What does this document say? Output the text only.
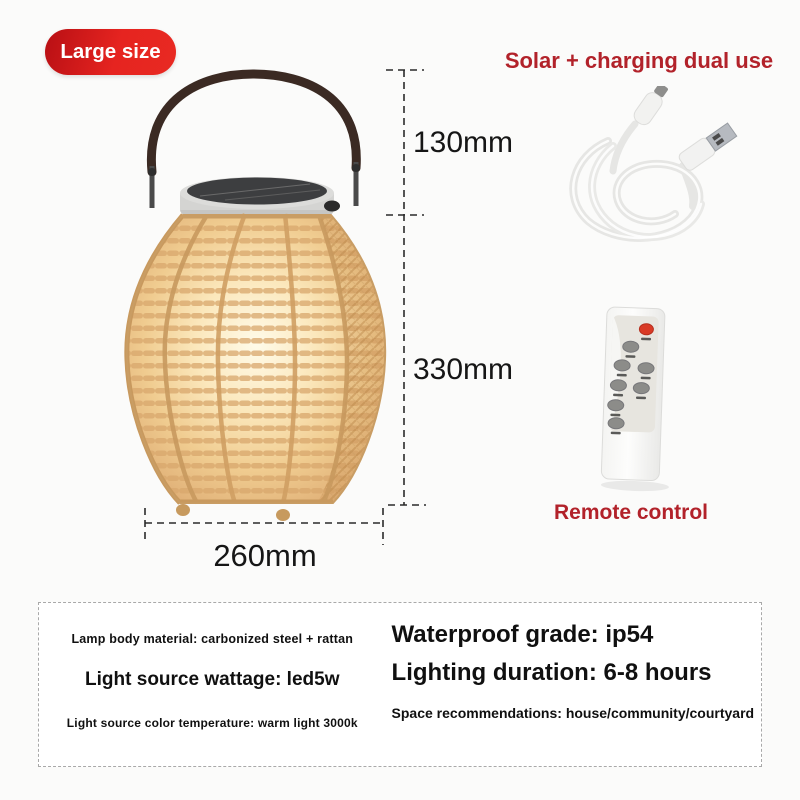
Large size	Solar + charging dual use
Remote control
130mm
330mm
260mm
Lamp body material: carbonized steel + rattan
Light source wattage: led5w
Light source color temperature: warm light 3000k
Waterproof grade: ip54
Lighting duration: 6-8 hours
Space recommendations: house/community/courtyard
